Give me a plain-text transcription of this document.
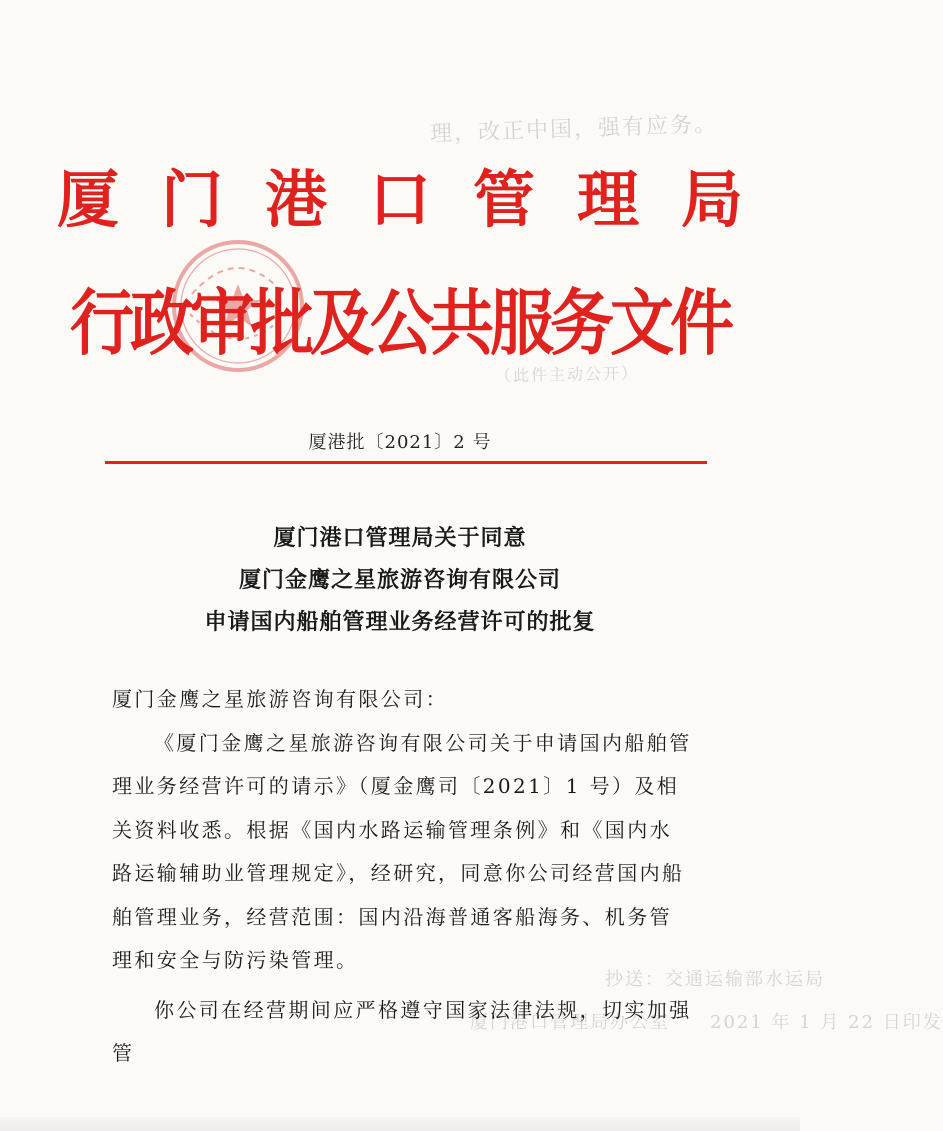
理，改正中国，强有应务。
（此件主动公开）
抄送：交通运输部水运局
厦门港口管理局办公室　　2021 年 1 月 22 日印发
厦门港口管理局
行政审批及公共服务文件
厦港批〔2021〕2 号
厦门港口管理局关于同意
厦门金鹰之星旅游咨询有限公司
申请国内船舶管理业务经营许可的批复

厦门金鹰之星旅游咨询有限公司：

《厦门金鹰之星旅游咨询有限公司关于申请国内船舶管理业务经营许可的请示》（厦金鹰司〔2021〕1 号）及相关资料收悉。根据《国内水路运输管理条例》和《国内水路运输辅助业管理规定》，经研究，同意你公司经营国内船舶管理业务，经营范围：国内沿海普通客船海务、机务管理和安全与防污染管理。

你公司在经营期间应严格遵守国家法律法规，切实加强管
